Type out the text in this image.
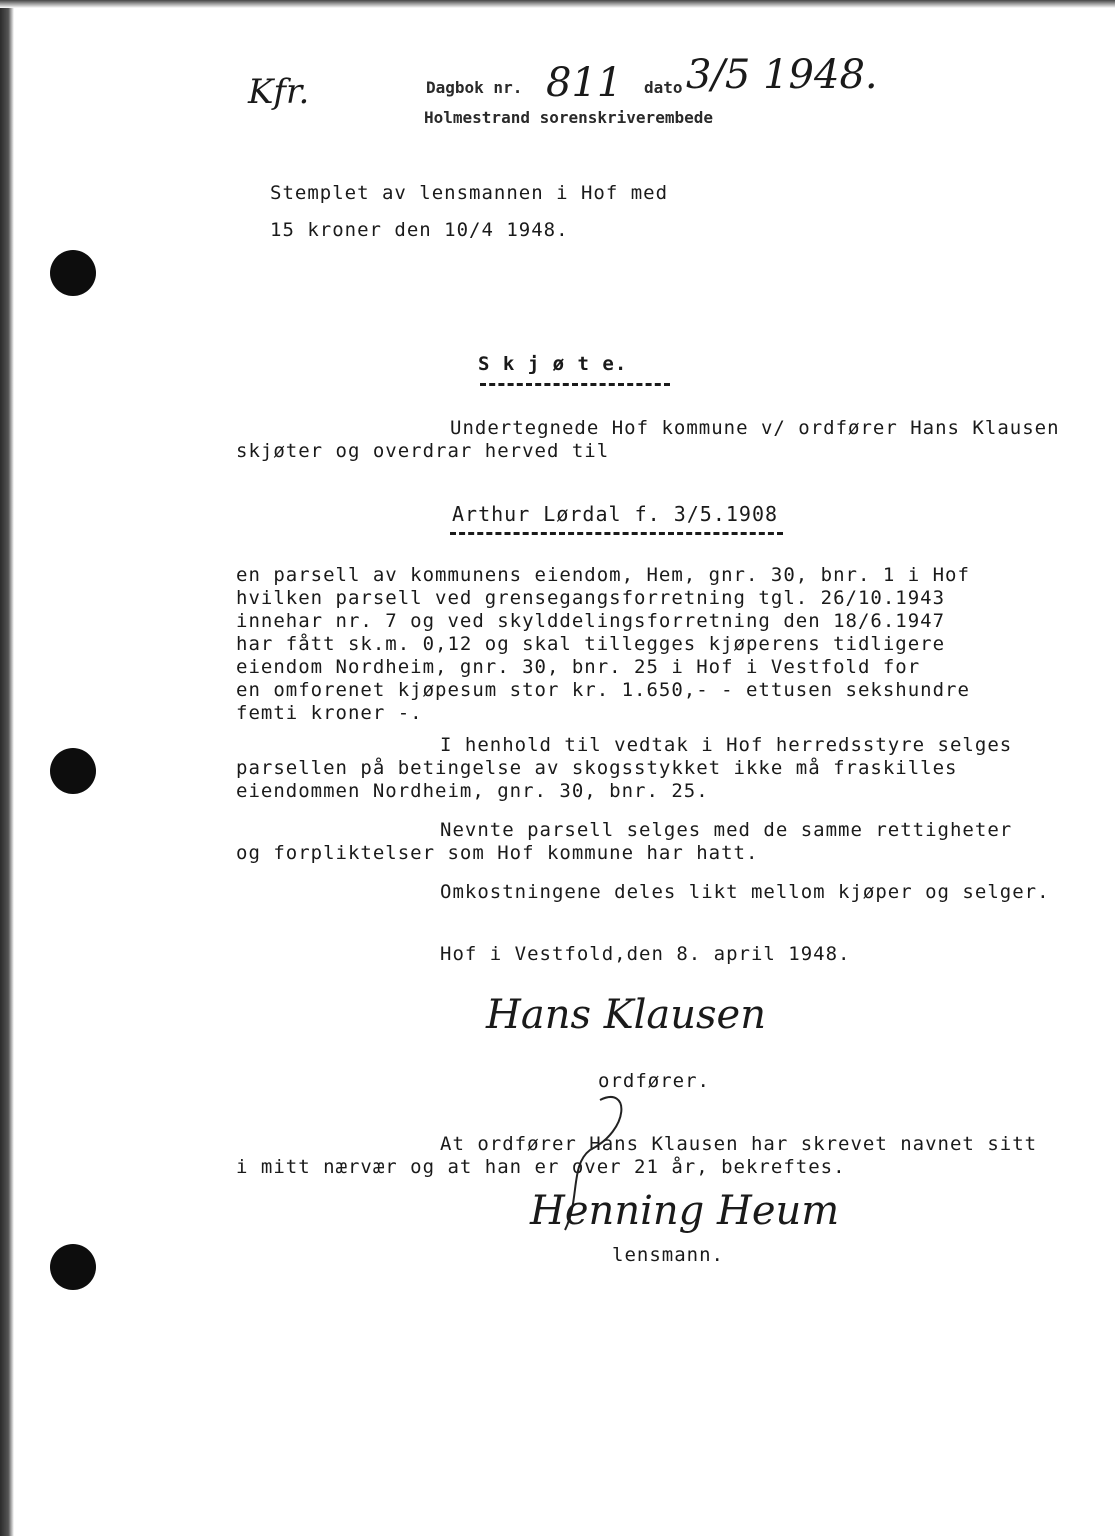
Kfr.	Dagbok nr. 811 dato 3/5 1948.
Holmestrand sorenskriverembede
Stemplet av lensmannen i Hof med
15 kroner den 10/4 1948.
S k j ø t e.
Undertegnede Hof kommune v/ ordfører Hans Klausen
skjøter og overdrar herved til
Arthur Lørdal f. 3/5.1908
en parsell av kommunens eiendom, Hem, gnr. 30, bnr. 1 i Hof
hvilken parsell ved grensegangsforretning tgl. 26/10.1943
innehar nr. 7 og ved skylddelingsforretning den 18/6.1947
har fått sk.m. 0,12 og skal tillegges kjøperens tidligere
eiendom Nordheim, gnr. 30, bnr. 25 i Hof i Vestfold for
en omforenet kjøpesum stor kr. 1.650,- - ettusen sekshundre
femti kroner -.
I henhold til vedtak i Hof herredsstyre selges
parsellen på betingelse av skogsstykket ikke må fraskilles
eiendommen Nordheim, gnr. 30, bnr. 25.
Nevnte parsell selges med de samme rettigheter
og forpliktelser som Hof kommune har hatt.
Omkostningene deles likt mellom kjøper og selger.
Hof i Vestfold,den 8. april 1948.
Hans Klausen
ordfører.
At ordfører Hans Klausen har skrevet navnet sitt
i mitt nærvær og at han er over 21 år, bekreftes.
Henning Heum
lensmann.
